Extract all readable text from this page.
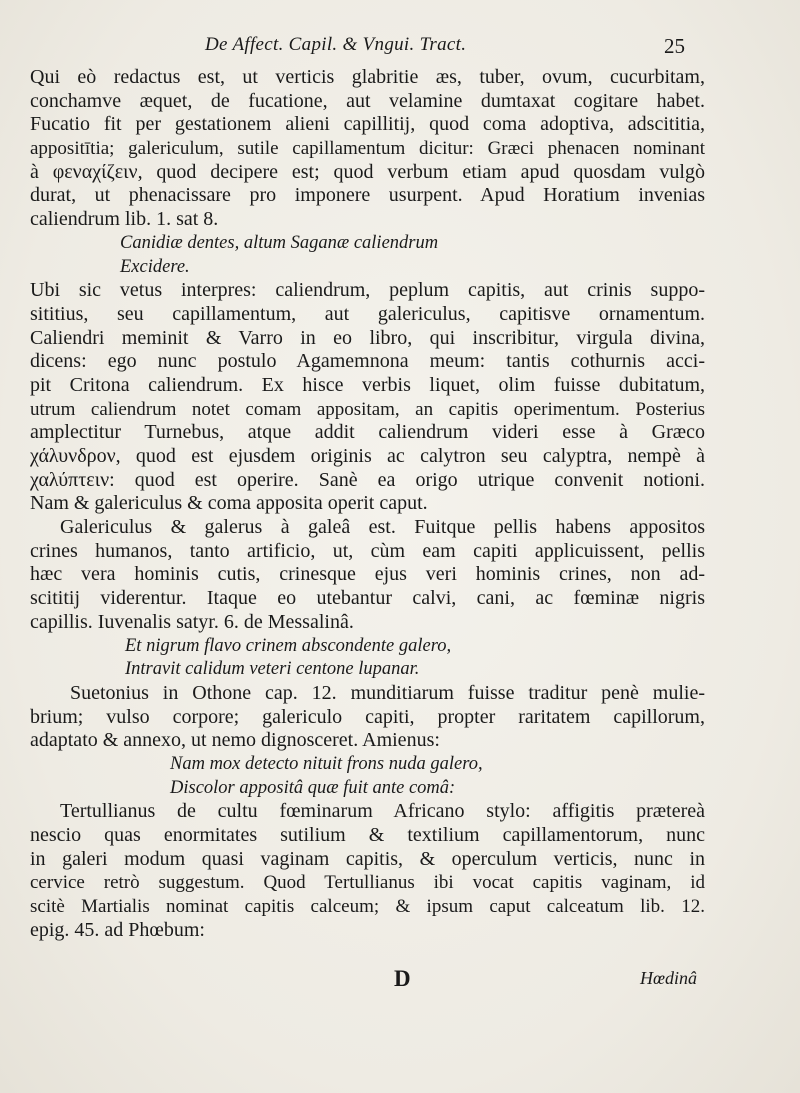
De Affect. Capil. & Vngui. Tract.	25
Qui eò redactus est, ut verticis glabritie æs, tuber, ovum, cucurbitam,
conchamve æquet, de fucatione, aut velamine dumtaxat cogitare habet.
Fucatio fit per gestationem alieni capillitij, quod coma adoptiva, adscititia,
appositītia; galericulum, sutile capillamentum dicitur: Græci phenacen nominant
à φεναχίζειν, quod decipere est; quod verbum etiam apud quosdam vulgò
durat, ut phenacissare pro imponere usurpent. Apud Horatium invenias
caliendrum lib. 1. sat 8.
Canidiæ dentes, altum Saganæ caliendrum
Excidere.
Ubi sic vetus interpres: caliendrum, peplum capitis, aut crinis suppo-
sititius, seu capillamentum, aut galericulus, capitisve ornamentum.
Caliendri meminit & Varro in eo libro, qui inscribitur, virgula divina,
dicens: ego nunc postulo Agamemnona meum: tantis cothurnis acci-
pit Critona caliendrum. Ex hisce verbis liquet, olim fuisse dubitatum,
utrum caliendrum notet comam appositam, an capitis operimentum. Posterius
amplectitur Turnebus, atque addit caliendrum videri esse à Græco
χάλυνδρον, quod est ejusdem originis ac calytron seu calyptra, nempè à
χαλύπτειν: quod est operire. Sanè ea origo utrique convenit notioni.
Nam & galericulus & coma apposita operit caput.
Galericulus & galerus à galeâ est. Fuitque pellis habens appositos
crines humanos, tanto artificio, ut, cùm eam capiti applicuissent, pellis
hæc vera hominis cutis, crinesque ejus veri hominis crines, non ad-
scititij viderentur. Itaque eo utebantur calvi, cani, ac fœminæ nigris
capillis. Iuvenalis satyr. 6. de Messalinâ.
Et nigrum flavo crinem abscondente galero,
Intravit calidum veteri centone lupanar.
Suetonius in Othone cap. 12. munditiarum fuisse traditur penè mulie-
brium; vulso corpore; galericulo capiti, propter raritatem capillorum,
adaptato & annexo, ut nemo dignosceret. Amienus:
Nam mox detecto nituit frons nuda galero,
Discolor appositâ quæ fuit ante comâ:
Tertullianus de cultu fœminarum Africano stylo: affigitis prætereà
nescio quas enormitates sutilium & textilium capillamentorum, nunc
in galeri modum quasi vaginam capitis, & operculum verticis, nunc in
cervice retrò suggestum. Quod Tertullianus ibi vocat capitis vaginam, id
scitè Martialis nominat capitis calceum; & ipsum caput calceatum lib. 12.
epig. 45. ad Phœbum:
D	Hœdinâ
